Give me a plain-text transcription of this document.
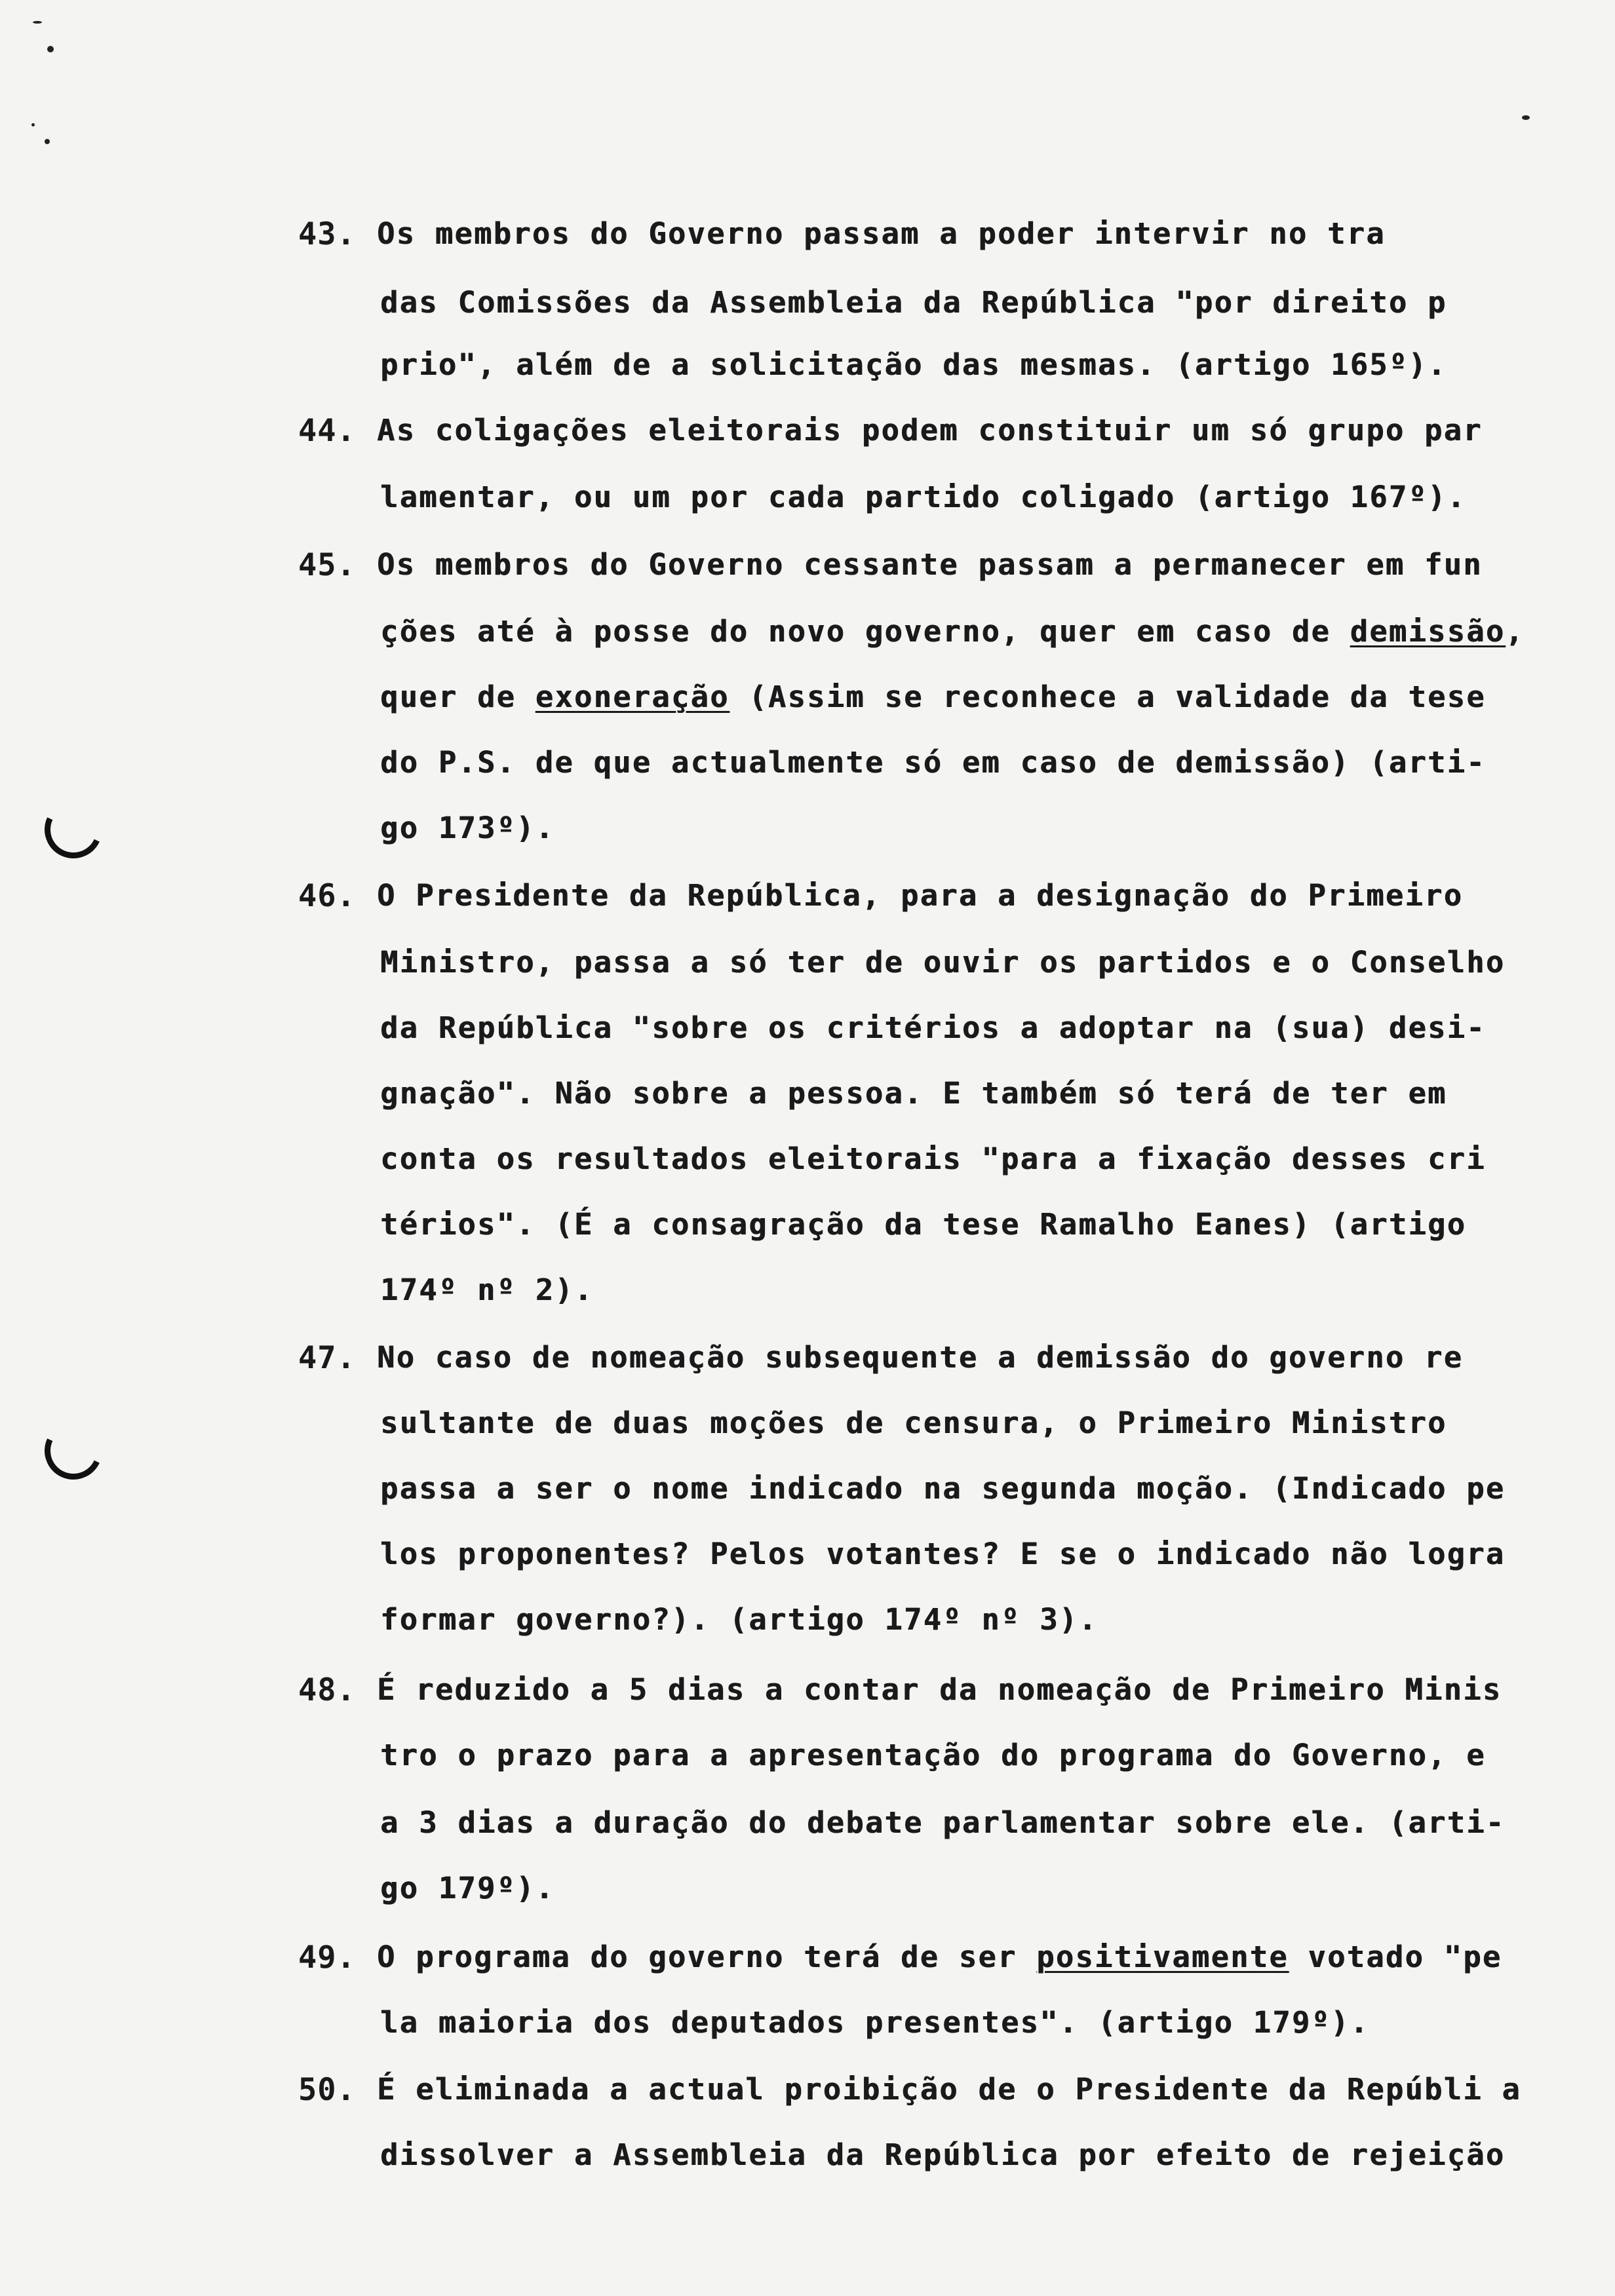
43. Os membros do Governo passam a poder intervir no tra
das Comissões da Assembleia da República "por direito p
prio", além de a solicitação das mesmas. (artigo 165º).
44. As coligações eleitorais podem constituir um só grupo par
lamentar, ou um por cada partido coligado (artigo 167º).
45. Os membros do Governo cessante passam a permanecer em fun
ções até à posse do novo governo, quer em caso de demissão,
quer de exoneração (Assim se reconhece a validade da tese
do P.S. de que actualmente só em caso de demissão) (arti-
go 173º).
46. O Presidente da República, para a designação do Primeiro
Ministro, passa a só ter de ouvir os partidos e o Conselho
da República "sobre os critérios a adoptar na (sua) desi-
gnação". Não sobre a pessoa. E também só terá de ter em
conta os resultados eleitorais "para a fixação desses cri
térios". (É a consagração da tese Ramalho Eanes) (artigo
174º nº 2).
47. No caso de nomeação subsequente a demissão do governo re
sultante de duas moções de censura, o Primeiro Ministro
passa a ser o nome indicado na segunda moção. (Indicado pe
los proponentes? Pelos votantes? E se o indicado não logra
formar governo?). (artigo 174º nº 3).
48. É reduzido a 5 dias a contar da nomeação de Primeiro Minis
tro o prazo para a apresentação do programa do Governo, e
a 3 dias a duração do debate parlamentar sobre ele. (arti-
go 179º).
49. O programa do governo terá de ser positivamente votado "pe
la maioria dos deputados presentes". (artigo 179º).
50. É eliminada a actual proibição de o Presidente da Repúbli a
dissolver a Assembleia da República por efeito de rejeição
